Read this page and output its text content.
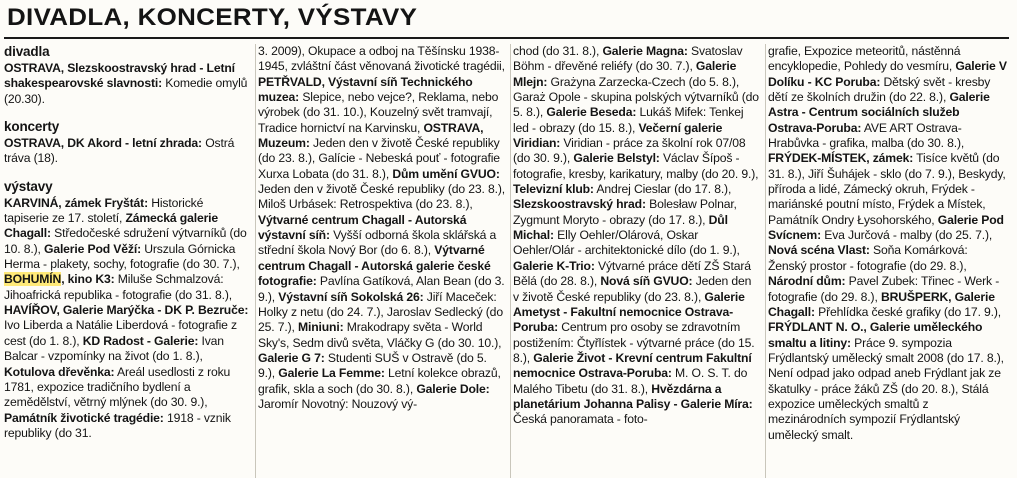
DIVADLA, KONCERTY, VÝSTAVY
divadla

OSTRAVA, Slezskoostravský hrad - Letní shakespearovské slavnosti: Komedie omylů (20.30).

koncerty

OSTRAVA, DK Akord - letní zhrada: Ostrá tráva (18).

výstavy

KARVINÁ, zámek Fryštát: Historické tapiserie ze 17. století, Zámecká galerie Chagall: Středočeské sdružení výtvarníků (do 10. 8.), Galerie Pod Věží: Urszula Górnicka Herma - plakety, sochy, fotografie (do 30. 7.), BOHUMÍN, kino K3: Miluše Schmalzová: Jihoafrická republika - fotografie (do 31. 8.), HAVÍŘOV, Galerie Marýčka - DK P. Bezruče: Ivo Liberda a Natálie Liberdová - fotografie z cest (do 1. 8.), KD Radost - Galerie: Ivan Balcar - vzpomínky na život (do 1. 8.), Kotulova dřevěnka: Areál usedlosti z roku 1781, expozice tradičního bydlení a zemědělství, větrný mlýnek (do 30. 9.), Památník životické tragédie: 1918 - vznik republiky (do 31.

3. 2009), Okupace a odboj na Těšínsku 1938-1945, zvláštní část věnovaná životické tragédii, PETŘVALD, Výstavní síň Technického muzea: Slepice, nebo vejce?, Reklama, nebo výrobek (do 31. 10.), Kouzelný svět tramvají, Tradice hornictví na Karvinsku, OSTRAVA, Muzeum: Jeden den v životě České republiky (do 23. 8.), Galície - Nebeská pouť - fotografie Xurxa Lobata (do 31. 8.), Dům umění GVUO: Jeden den v životě České republiky (do 23. 8.), Miloš Urbásek: Retrospektiva (do 23. 8.), Výtvarné centrum Chagall - Autorská výstavní síň: Vyšší odborná škola sklářská a střední škola Nový Bor (do 6. 8.), Výtvarné centrum Chagall - Autorská galerie české fotografie: Pavlína Gatíková, Alan Bean (do 3. 9.), Výstavní síň Sokolská 26: Jiří Maceček: Holky z netu (do 24. 7.), Jaroslav Sedlecký (do 25. 7.), Miniuni: Mrakodrapy světa - World Sky's, Sedm divů světa, Vláčky G (do 30. 10.), Galerie G 7: Studenti SUŠ v Ostravě (do 5. 9.), Galerie La Femme: Letní kolekce obrazů, grafik, skla a soch (do 30. 8.), Galerie Dole: Jaromír Novotný: Nouzový vý-

chod (do 31. 8.), Galerie Magna: Svatoslav Böhm - dřevěné reliéfy (do 30. 7.), Galerie Mlejn: Grażyna Zarzecka-Czech (do 5. 8.), Garaż Opole - skupina polských výtvarníků (do 5. 8.), Galerie Beseda: Lukáš Mifek: Tenkej led - obrazy (do 15. 8.), Večerní galerie Viridian: Viridian - práce za školní rok 07/08 (do 30. 9.), Galerie Belstyl: Václav Šípoš - fotografie, kresby, karikatury, malby (do 20. 9.), Televizní klub: Andrej Cieslar (do 17. 8.), Slezskoostravský hrad: Bolesław Polnar, Zygmunt Moryto - obrazy (do 17. 8.), Důl Michal: Elly Oehler/Olárová, Oskar Oehler/Olár - architektonické dílo (do 1. 9.), Galerie K-Trio: Výtvarné práce dětí ZŠ Stará Bělá (do 28. 8.), Nová síň GVUO: Jeden den v životě České republiky (do 23. 8.), Galerie Ametyst - Fakultní nemocnice Ostrava-Poruba: Centrum pro osoby se zdravotním postižením: Čtyřlístek - výtvarné práce (do 15. 8.), Galerie Život - Krevní centrum Fakultní nemocnice Ostrava-Poruba: M. O. S. T. do Malého Tibetu (do 31. 8.), Hvězdárna a planetárium Johanna Palisy - Galerie Míra: Česká panoramata - foto-

grafie, Expozice meteoritů, nástěnná encyklopedie, Pohledy do vesmíru, Galerie V Dolíku - KC Poruba: Dětský svět - kresby dětí ze školních družin (do 22. 8.), Galerie Astra - Centrum sociálních služeb Ostrava-Poruba: AVE ART Ostrava-Hrabůvka - grafika, malba (do 30. 8.), FRÝDEK-MÍSTEK, zámek: Tisíce květů (do 31. 8.), Jiří Šuhájek - sklo (do 7. 9.), Beskydy, příroda a lidé, Zámecký okruh, Frýdek - mariánské poutní místo, Frýdek a Místek, Památník Ondry Łysohorského, Galerie Pod Svícnem: Eva Jurčová - malby (do 25. 7.), Nová scéna Vlast: Soňa Komárková: Ženský prostor - fotografie (do 29. 8.), Národní dům: Pavel Zubek: Třinec - Werk - fotografie (do 29. 8.), BRUŠPERK, Galerie Chagall: Přehlídka české grafiky (do 17. 9.), FRÝDLANT N. O., Galerie uměleckého smaltu a litiny: Práce 9. sympozia Frýdlantský umělecký smalt 2008 (do 17. 8.), Není odpad jako odpad aneb Frýdlant jak ze škatulky - práce žáků ZŠ (do 20. 8.), Stálá expozice uměleckých smaltů z mezinárodních sympozií Frýdlantský umělecký smalt.
